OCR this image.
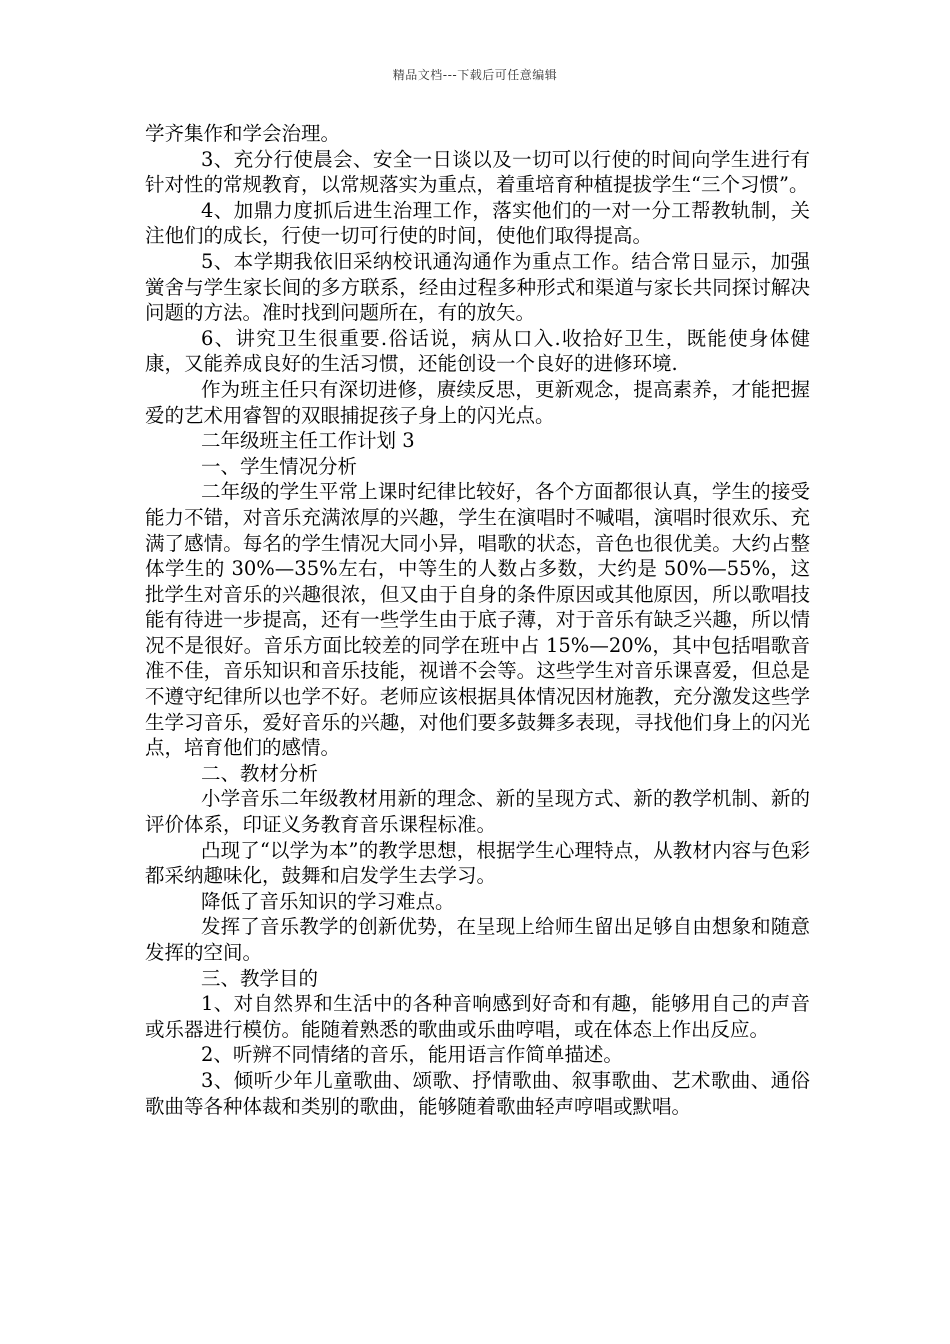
精品文档---下载后可任意编辑

学齐集作和学会治理。

3、充分行使晨会、安全一日谈以及一切可以行使的时间向学生进行有针对性的常规教育，以常规落实为重点，着重培育种植提拔学生“三个习惯”。

4、加鼎力度抓后进生治理工作，落实他们的一对一分工帮教轨制，关注他们的成长，行使一切可行使的时间，使他们取得提高。

5、本学期我依旧采纳校讯通沟通作为重点工作。结合常日显示，加强黉舍与学生家长间的多方联系，经由过程多种形式和渠道与家长共同探讨解决问题的方法。准时找到问题所在，有的放矢。

6、讲究卫生很重要.俗话说，病从口入.收拾好卫生，既能使身体健康，又能养成良好的生活习惯，还能创设一个良好的进修环境.

作为班主任只有深切进修，赓续反思，更新观念，提高素养，才能把握爱的艺术用睿智的双眼捕捉孩子身上的闪光点。

二年级班主任工作计划 3

一、学生情况分析

二年级的学生平常上课时纪律比较好，各个方面都很认真，学生的接受能力不错，对音乐充满浓厚的兴趣，学生在演唱时不喊唱，演唱时很欢乐、充满了感情。每名的学生情况大同小异，唱歌的状态，音色也很优美。大约占整体学生的 30%—35%左右，中等生的人数占多数，大约是 50%—55%，这批学生对音乐的兴趣很浓，但又由于自身的条件原因或其他原因，所以歌唱技能有待进一步提高，还有一些学生由于底子薄，对于音乐有缺乏兴趣，所以情况不是很好。音乐方面比较差的同学在班中占 15%—20%，其中包括唱歌音准不佳，音乐知识和音乐技能，视谱不会等。这些学生对音乐课喜爱，但总是不遵守纪律所以也学不好。老师应该根据具体情况因材施教，充分激发这些学生学习音乐，爱好音乐的兴趣，对他们要多鼓舞多表现，寻找他们身上的闪光点，培育他们的感情。

二、教材分析

小学音乐二年级教材用新的理念、新的呈现方式、新的教学机制、新的评价体系，印证义务教育音乐课程标准。

凸现了“以学为本”的教学思想，根据学生心理特点，从教材内容与色彩都采纳趣味化，鼓舞和启发学生去学习。

降低了音乐知识的学习难点。

发挥了音乐教学的创新优势，在呈现上给师生留出足够自由想象和随意发挥的空间。

三、教学目的

1、对自然界和生活中的各种音响感到好奇和有趣，能够用自己的声音或乐器进行模仿。能随着熟悉的歌曲或乐曲哼唱，或在体态上作出反应。

2、听辨不同情绪的音乐，能用语言作简单描述。

3、倾听少年儿童歌曲、颂歌、抒情歌曲、叙事歌曲、艺术歌曲、通俗歌曲等各种体裁和类别的歌曲，能够随着歌曲轻声哼唱或默唱。
